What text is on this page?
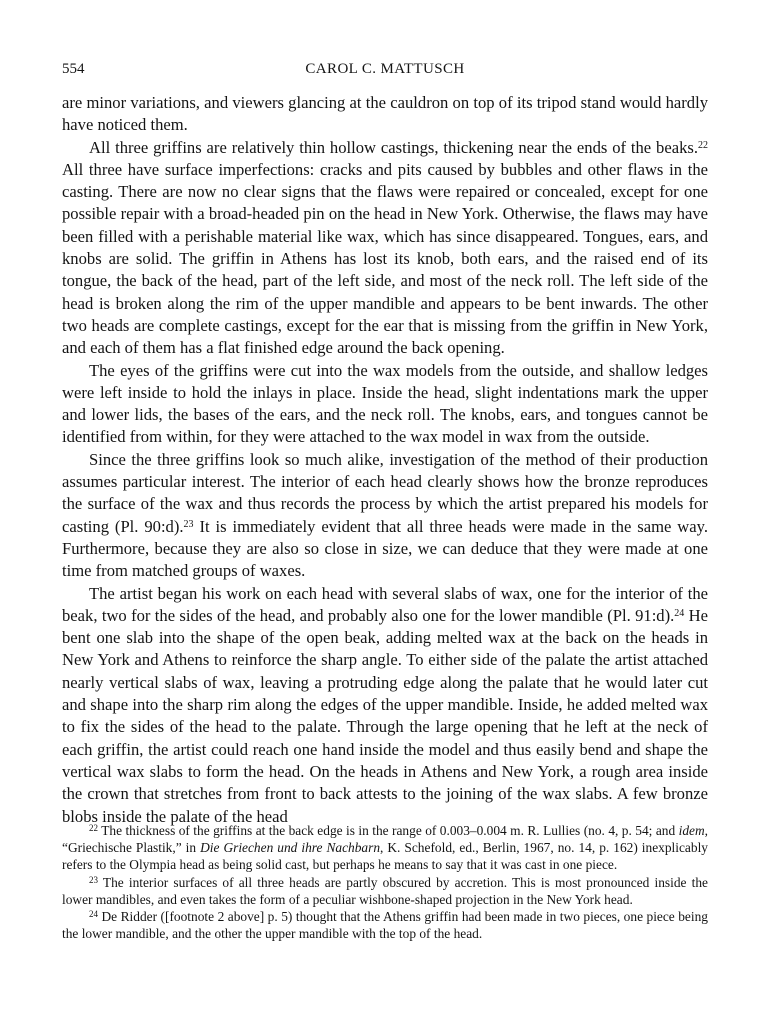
554	CAROL C. MATTUSCH

are minor variations, and viewers glancing at the cauldron on top of its tripod stand would hardly have noticed them.

All three griffins are relatively thin hollow castings, thickening near the ends of the beaks.$^{22}$ All three have surface imperfections: cracks and pits caused by bubbles and other flaws in the casting. There are now no clear signs that the flaws were repaired or concealed, except for one possible repair with a broad-headed pin on the head in New York. Otherwise, the flaws may have been filled with a perishable material like wax, which has since disappeared. Tongues, ears, and knobs are solid. The griffin in Athens has lost its knob, both ears, and the raised end of its tongue, the back of the head, part of the left side, and most of the neck roll. The left side of the head is broken along the rim of the upper mandible and appears to be bent inwards. The other two heads are complete castings, except for the ear that is missing from the griffin in New York, and each of them has a flat finished edge around the back opening.

The eyes of the griffins were cut into the wax models from the outside, and shallow ledges were left inside to hold the inlays in place. Inside the head, slight indentations mark the upper and lower lids, the bases of the ears, and the neck roll. The knobs, ears, and tongues cannot be identified from within, for they were attached to the wax model in wax from the outside.

Since the three griffins look so much alike, investigation of the method of their production assumes particular interest. The interior of each head clearly shows how the bronze reproduces the surface of the wax and thus records the process by which the artist prepared his models for casting (Pl. 90:d).$^{23}$ It is immediately evident that all three heads were made in the same way. Furthermore, because they are also so close in size, we can deduce that they were made at one time from matched groups of waxes.

The artist began his work on each head with several slabs of wax, one for the interior of the beak, two for the sides of the head, and probably also one for the lower mandible (Pl. 91:d).$^{24}$ He bent one slab into the shape of the open beak, adding melted wax at the back on the heads in New York and Athens to reinforce the sharp angle. To either side of the palate the artist attached nearly vertical slabs of wax, leaving a protruding edge along the palate that he would later cut and shape into the sharp rim along the edges of the upper mandible. Inside, he added melted wax to fix the sides of the head to the palate. Through the large opening that he left at the neck of each griffin, the artist could reach one hand inside the model and thus easily bend and shape the vertical wax slabs to form the head. On the heads in Athens and New York, a rough area inside the crown that stretches from front to back attests to the joining of the wax slabs. A few bronze blobs inside the palate of the head

$^{22}$ The thickness of the griffins at the back edge is in the range of 0.003–0.004 m. R. Lullies (no. 4, p. 54; and idem, “Griechische Plastik,” in Die Griechen und ihre Nachbarn, K. Schefold, ed., Berlin, 1967, no. 14, p. 162) inexplicably refers to the Olympia head as being solid cast, but perhaps he means to say that it was cast in one piece.

$^{23}$ The interior surfaces of all three heads are partly obscured by accretion. This is most pronounced inside the lower mandibles, and even takes the form of a peculiar wishbone-shaped projection in the New York head.

$^{24}$ De Ridder ([footnote 2 above] p. 5) thought that the Athens griffin had been made in two pieces, one piece being the lower mandible, and the other the upper mandible with the top of the head.
